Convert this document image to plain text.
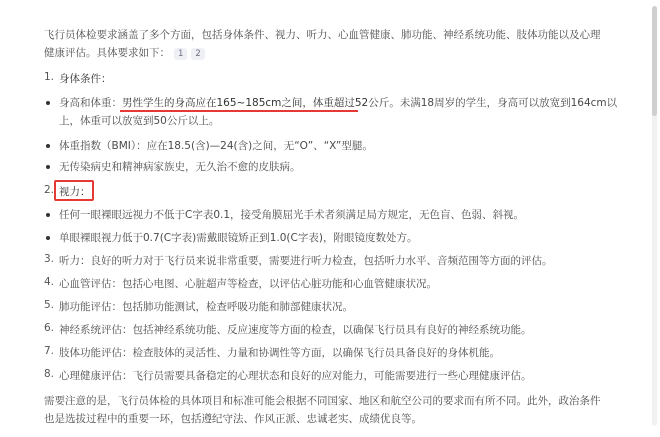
飞行员体检要求涵盖了多个方面，包括身体条件、视力、听力、心血管健康、肺功能、神经系统功能、肢体功能以及心理
健康评估。具体要求如下： 1 2
1. 身体条件：
身高和体重：男性学生的身高应在165~185cm之间，体重超过52公斤。未满18周岁的学生，身高可以放宽到164cm以
上，体重可以放宽到50公斤以上。
体重指数（BMI）：应在18.5(含)—24(含)之间，无“O”、“X”型腿。
无传染病史和精神病家族史，无久治不愈的皮肤病。
2. 视力：
任何一眼裸眼远视力不低于C字表0.1，接受角膜屈光手术者须满足局方规定，无色盲、色弱、斜视。
单眼裸眼视力低于0.7(C字表)需戴眼镜矫正到1.0(C字表)，附眼镜度数处方。
3. 听力：良好的听力对于飞行员来说非常重要，需要进行听力检查，包括听力水平、音频范围等方面的评估。
4. 心血管评估：包括心电图、心脏超声等检查，以评估心脏功能和心血管健康状况。
5. 肺功能评估：包括肺功能测试，检查呼吸功能和肺部健康状况。
6. 神经系统评估：包括神经系统功能、反应速度等方面的检查，以确保飞行员具有良好的神经系统功能。
7. 肢体功能评估：检查肢体的灵活性、力量和协调性等方面，以确保飞行员具备良好的身体机能。
8. 心理健康评估：飞行员需要具备稳定的心理状态和良好的应对能力，可能需要进行一些心理健康评估。
需要注意的是，飞行员体检的具体项目和标准可能会根据不同国家、地区和航空公司的要求而有所不同。此外，政治条件
也是选拔过程中的重要一环，包括遵纪守法、作风正派、忠诚老实、成绩优良等。
